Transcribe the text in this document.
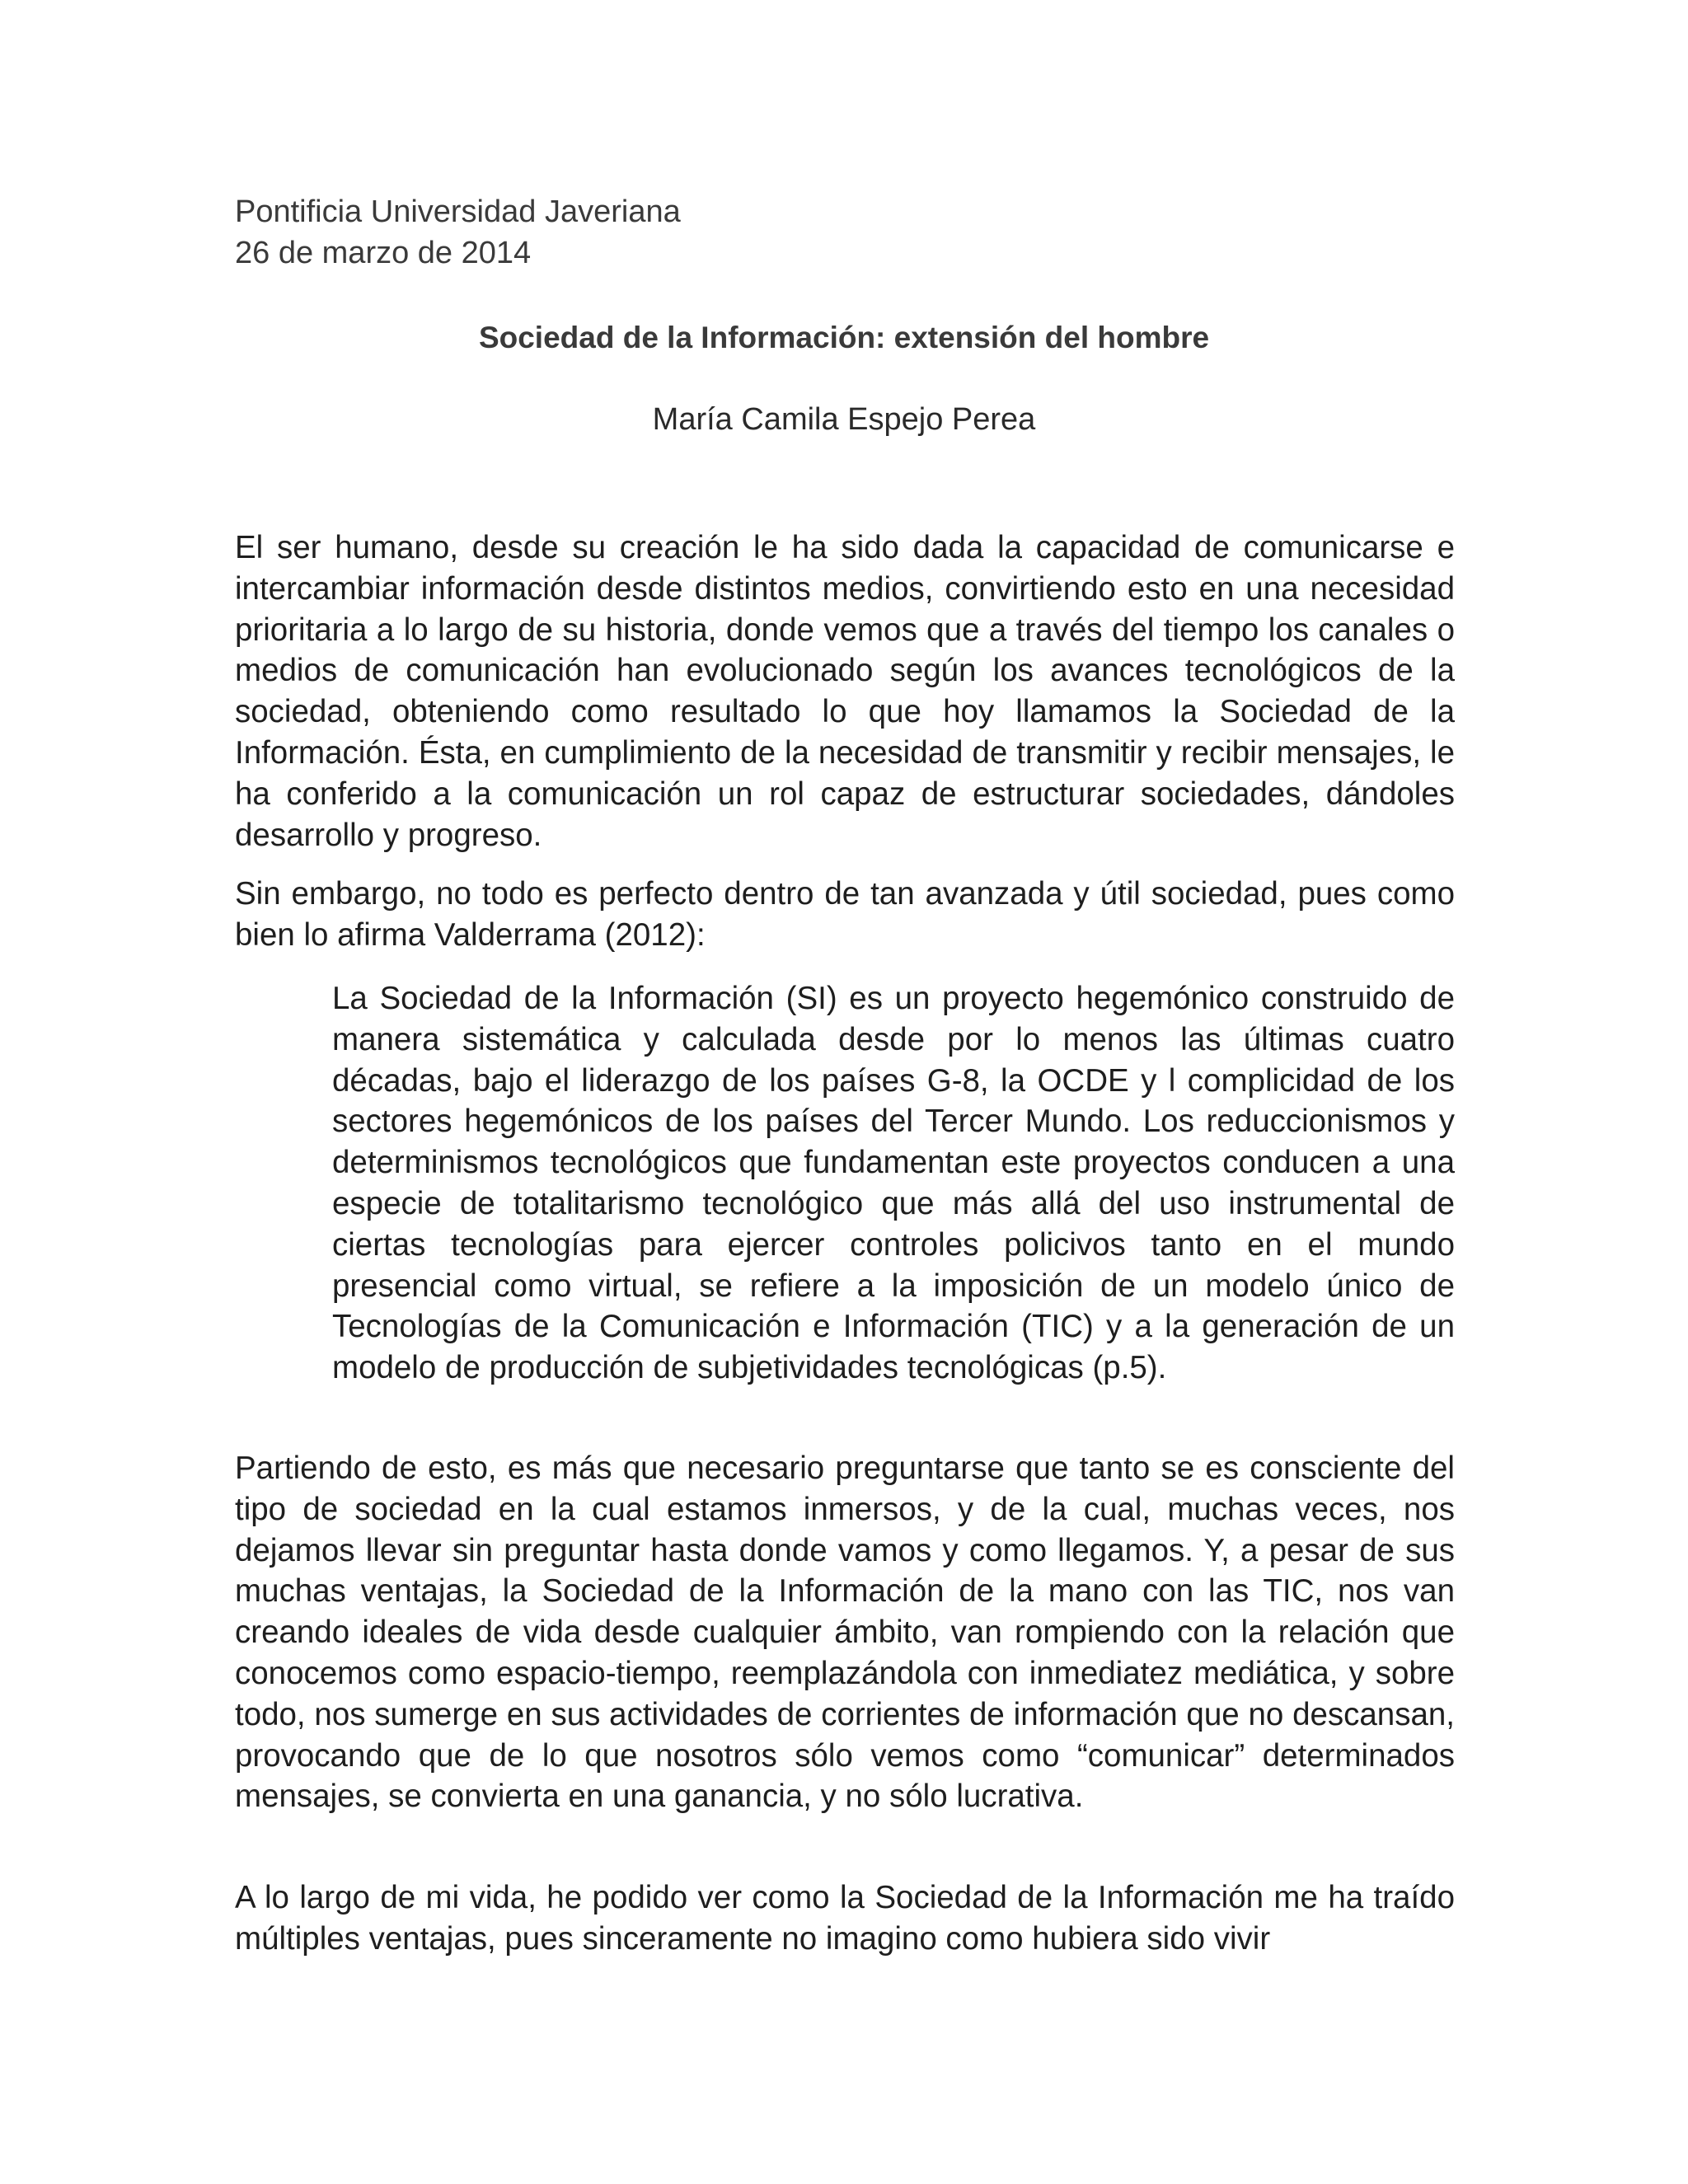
Pontificia Universidad Javeriana

26 de marzo de 2014

Sociedad de la Información: extensión del hombre

María Camila Espejo Perea

El ser humano, desde su creación le ha sido dada la capacidad de comunicarse e intercambiar información desde distintos medios, convirtiendo esto en una necesidad prioritaria a lo largo de su historia, donde vemos que a través del tiempo los canales o medios de comunicación han evolucionado según los avances tecnológicos de la sociedad, obteniendo como resultado lo que hoy llamamos la Sociedad de la Información. Ésta, en cumplimiento de la necesidad de transmitir y recibir mensajes, le ha conferido a la comunicación un rol capaz de estructurar sociedades, dándoles desarrollo y progreso.

Sin embargo, no todo es perfecto dentro de tan avanzada y útil sociedad, pues como bien lo afirma Valderrama (2012):

La Sociedad de la Información (SI) es un proyecto hegemónico construido de manera sistemática y calculada desde por lo menos las últimas cuatro décadas, bajo el liderazgo de los países G-8, la OCDE y l complicidad de los sectores hegemónicos de los países del Tercer Mundo. Los reduccionismos y determinismos tecnológicos que fundamentan este proyectos conducen a una especie de totalitarismo tecnológico que más allá del uso instrumental de ciertas tecnologías para ejercer controles policivos tanto en el mundo presencial como virtual, se refiere a la imposición de un modelo único de Tecnologías de la Comunicación e Información (TIC) y a la generación de un modelo de producción de subjetividades tecnológicas (p.5).

Partiendo de esto, es más que necesario preguntarse que tanto se es consciente del tipo de sociedad en la cual estamos inmersos, y de la cual, muchas veces, nos dejamos llevar sin preguntar hasta donde vamos y como llegamos. Y, a pesar de sus muchas ventajas, la Sociedad de la Información de la mano con las TIC, nos van creando ideales de vida desde cualquier ámbito, van rompiendo con la relación que conocemos como espacio-tiempo, reemplazándola con inmediatez mediática, y sobre todo, nos sumerge en sus actividades de corrientes de información que no descansan, provocando que de lo que nosotros sólo vemos como “comunicar” determinados mensajes, se convierta en una ganancia, y no sólo lucrativa.

A lo largo de mi vida, he podido ver como la Sociedad de la Información me ha traído múltiples ventajas, pues sinceramente no imagino como hubiera sido vivir
